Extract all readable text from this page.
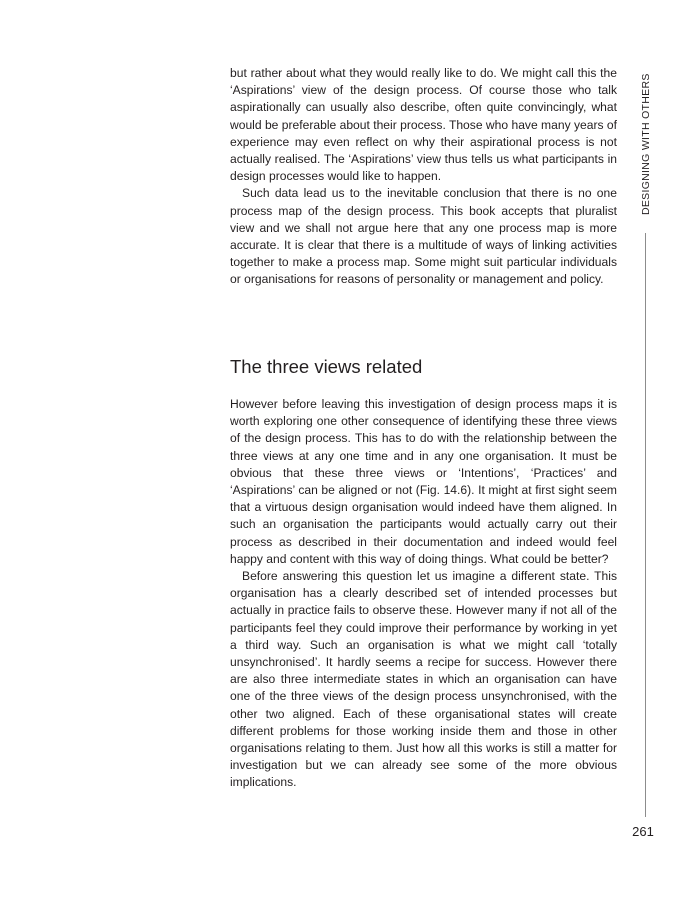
but rather about what they would really like to do. We might call this the ‘Aspirations’ view of the design process. Of course those who talk aspirationally can usually also describe, often quite convincingly, what would be preferable about their process. Those who have many years of experience may even reflect on why their aspirational process is not actually realised. The ‘Aspirations’ view thus tells us what participants in design processes would like to happen.

Such data lead us to the inevitable conclusion that there is no one process map of the design process. This book accepts that pluralist view and we shall not argue here that any one process map is more accurate. It is clear that there is a multitude of ways of linking activities together to make a process map. Some might suit particular individuals or organisations for reasons of personality or management and policy.

The three views related

However before leaving this investigation of design process maps it is worth exploring one other consequence of identifying these three views of the design process. This has to do with the relationship between the three views at any one time and in any one organisation. It must be obvious that these three views or ‘Intentions’, ‘Practices’ and ‘Aspirations’ can be aligned or not (Fig. 14.6). It might at first sight seem that a virtuous design organisation would indeed have them aligned. In such an organisation the participants would actually carry out their process as described in their documentation and indeed would feel happy and content with this way of doing things. What could be better?

Before answering this question let us imagine a different state. This organisation has a clearly described set of intended processes but actually in practice fails to observe these. However many if not all of the participants feel they could improve their performance by working in yet a third way. Such an organisation is what we might call ‘totally unsynchronised’. It hardly seems a recipe for success. However there are also three intermediate states in which an organisation can have one of the three views of the design process unsynchronised, with the other two aligned. Each of these organisational states will create different problems for those working inside them and those in other organisations relating to them. Just how all this works is still a matter for investigation but we can already see some of the more obvious implications.

DESIGNING WITH OTHERS
261
